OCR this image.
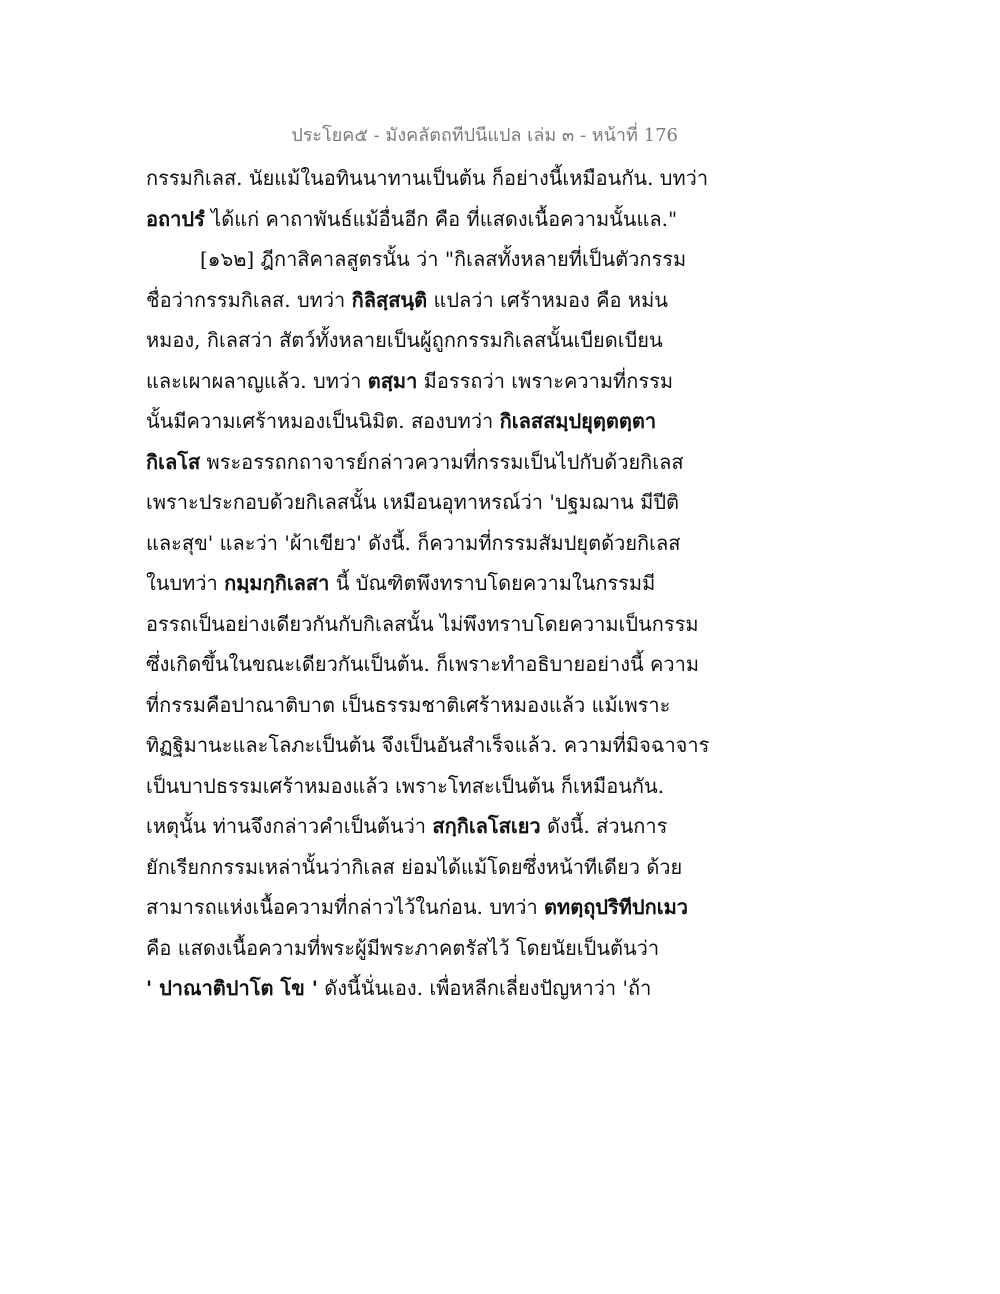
ประโยค๕ - มังคลัตถทีปนีแปล เล่ม ๓ - หน้าที่ 176
กรรมกิเลส. นัยแม้ในอทินนาทานเป็นต้น ก็อย่างนี้เหมือนกัน. บทว่า
อถาปรํ ได้แก่ คาถาพันธ์แม้อื่นอีก คือ ที่แสดงเนื้อความนั้นแล."
[๑๖๒] ฎีกาสิคาลสูตรนั้น ว่า "กิเลสทั้งหลายที่เป็นตัวกรรม
ชื่อว่ากรรมกิเลส. บทว่า กิลิสฺสนฺติ แปลว่า เศร้าหมอง คือ หม่น
หมอง, กิเลสว่า สัตว์ทั้งหลายเป็นผู้ถูกกรรมกิเลสนั้นเบียดเบียน
และเผาผลาญแล้ว. บทว่า ตสฺมา มีอรรถว่า เพราะความที่กรรม
นั้นมีความเศร้าหมองเป็นนิมิต. สองบทว่า กิเลสสมฺปยุตฺตตฺตา
กิเลโส พระอรรถกถาจารย์กล่าวความที่กรรมเป็นไปกับด้วยกิเลส
เพราะประกอบด้วยกิเลสนั้น เหมือนอุทาหรณ์ว่า 'ปฐมฌาน มีปีติ
และสุข' และว่า 'ผ้าเขียว' ดังนี้. ก็ความที่กรรมสัมปยุตด้วยกิเลส
ในบทว่า กมฺมกฺกิเลสา นี้ บัณฑิตพึงทราบโดยความในกรรมมี
อรรถเป็นอย่างเดียวกันกับกิเลสนั้น ไม่พึงทราบโดยความเป็นกรรม
ซึ่งเกิดขึ้นในขณะเดียวกันเป็นต้น. ก็เพราะทำอธิบายอย่างนี้ ความ
ที่กรรมคือปาณาติบาต เป็นธรรมชาติเศร้าหมองแล้ว แม้เพราะ
ทิฏฐิมานะและโลภะเป็นต้น จึงเป็นอันสำเร็จแล้ว. ความที่มิจฉาจาร
เป็นบาปธรรมเศร้าหมองแล้ว เพราะโทสะเป็นต้น ก็เหมือนกัน.
เหตุนั้น ท่านจึงกล่าวคำเป็นต้นว่า สกฺกิเลโสเยว ดังนี้. ส่วนการ
ยักเรียกกรรมเหล่านั้นว่ากิเลส ย่อมได้แม้โดยซึ่งหน้าทีเดียว ด้วย
สามารถแห่งเนื้อความที่กล่าวไว้ในก่อน. บทว่า ตทตฺถุปริทีปกเมว
คือ แสดงเนื้อความที่พระผู้มีพระภาคตรัสไว้ โดยนัยเป็นต้นว่า
' ปาณาติปาโต โข ' ดังนี้นั่นเอง. เพื่อหลีกเลี่ยงปัญหาว่า 'ถ้า
